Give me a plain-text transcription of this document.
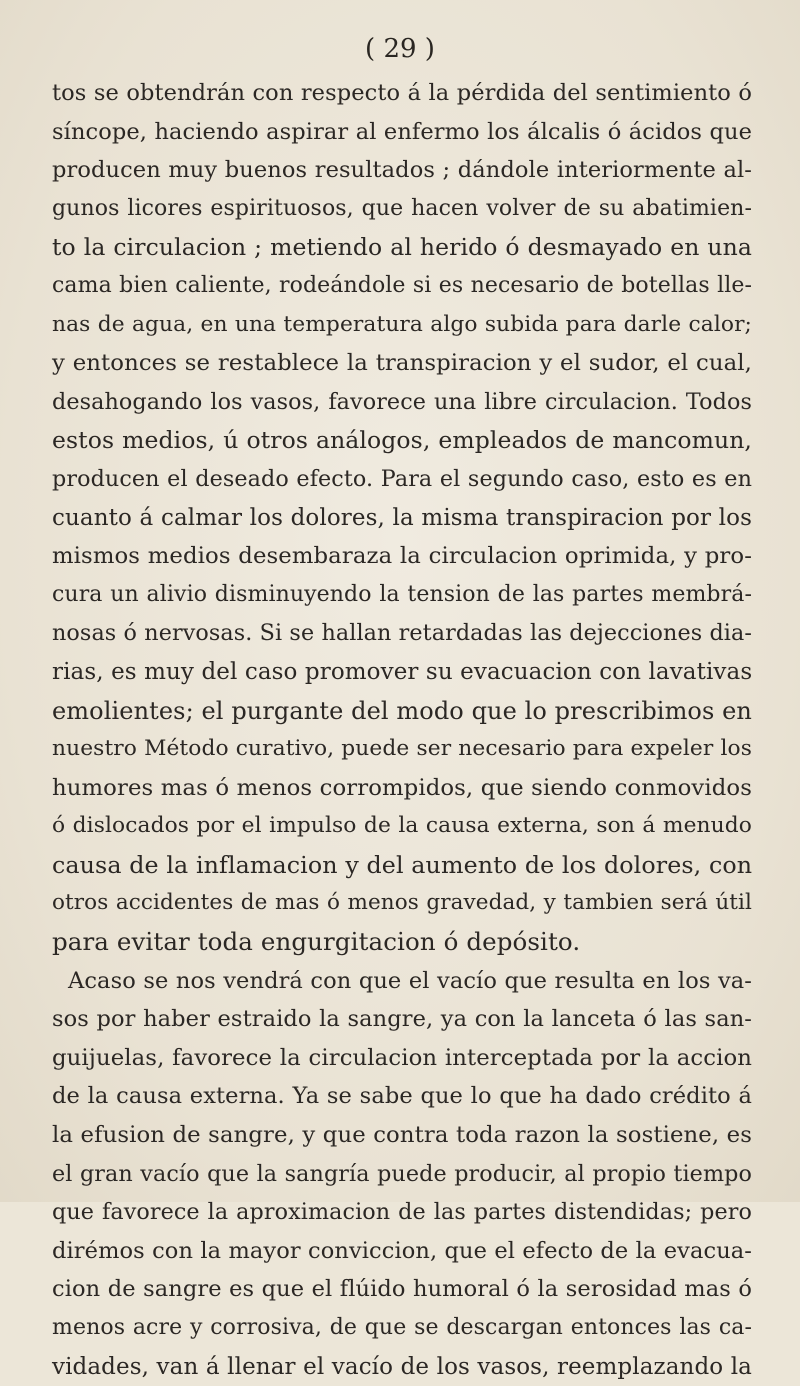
( 29 )
tos se obtendrán con respecto á la pérdida del sentimiento ó
síncope, haciendo aspirar al enfermo los álcalis ó ácidos que
producen muy buenos resultados ; dándole interiormente al-
gunos licores espirituosos, que hacen volver de su abatimien-
to la circulacion ; metiendo al herido ó desmayado en una
cama bien caliente, rodeándole si es necesario de botellas lle-
nas de agua, en una temperatura algo subida para darle calor;
y entonces se restablece la transpiracion y el sudor, el cual,
desahogando los vasos, favorece una libre circulacion. Todos
estos medios, ú otros análogos, empleados de mancomun,
producen el deseado efecto. Para el segundo caso, esto es en
cuanto á calmar los dolores, la misma transpiracion por los
mismos medios desembaraza la circulacion oprimida, y pro-
cura un alivio disminuyendo la tension de las partes membrá-
nosas ó nervosas. Si se hallan retardadas las dejecciones dia-
rias, es muy del caso promover su evacuacion con lavativas
emolientes; el purgante del modo que lo prescribimos en
nuestro Método curativo, puede ser necesario para expeler los
humores mas ó menos corrompidos, que siendo conmovidos
ó dislocados por el impulso de la causa externa, son á menudo
causa de la inflamacion y del aumento de los dolores, con
otros accidentes de mas ó menos gravedad, y tambien será útil
para evitar toda engurgitacion ó depósito.
Acaso se nos vendrá con que el vacío que resulta en los va-
sos por haber estraido la sangre, ya con la lanceta ó las san-
guijuelas, favorece la circulacion interceptada por la accion
de la causa externa. Ya se sabe que lo que ha dado crédito á
la efusion de sangre, y que contra toda razon la sostiene, es
el gran vacío que la sangría puede producir, al propio tiempo
que favorece la aproximacion de las partes distendidas; pero
dirémos con la mayor conviccion, que el efecto de la evacua-
cion de sangre es que el flúido humoral ó la serosidad mas ó
menos acre y corrosiva, de que se descargan entonces las ca-
vidades, van á llenar el vacío de los vasos, reemplazando la
